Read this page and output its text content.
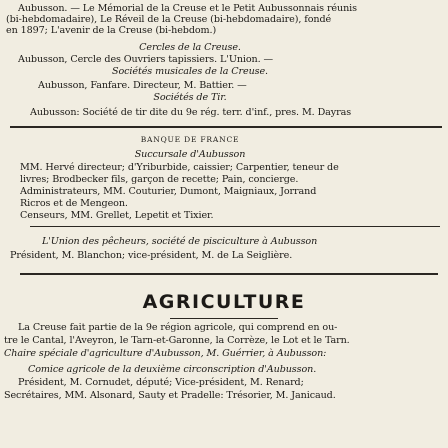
Aubusson. — Le Mémorial de la Creuse et le Petit Aubussonnais réunis
(bi-hebdomadaire), Le Réveil de la Creuse (bi-hebdomadaire), fondé
en 1897; L'avenir de la Creuse (bi-hebdom.)
Cercles de la Creuse.
Aubusson, Cercle des Ouvriers tapissiers. L'Union. —
Sociétés musicales de la Creuse.
Aubusson, Fanfare. Directeur, M. Battier. —
Sociétés de Tir.
Aubusson: Société de tir dite du 9e rég. terr. d'inf., pres. M. Dayras
BANQUE DE FRANCE
Succursale d'Aubusson
MM. Hervé directeur; d'Yriburbide, caissier; Carpentier, teneur de
livres; Brodbecker fils, garçon de recette; Pain, concierge.
Administrateurs, MM. Couturier, Dumont, Maigniaux, Jorrand
Ricros et de Mengeon.
Censeurs, MM. Grellet, Lepetit et Tixier.
L'Union des pêcheurs, société de pisciculture à Aubusson
Président, M. Blanchon; vice-président, M. de La Seiglière.
AGRICULTURE
La Creuse fait partie de la 9e région agricole, qui comprend en ou-
tre le Cantal, l'Aveyron, le Tarn-et-Garonne, la Corrèze, le Lot et le Tarn.
Chaire spéciale d'agriculture d'Aubusson, M. Guérrier, à Aubusson:
Comice agricole de la deuxième circonscription d'Aubusson.
Président, M. Cornudet, député; Vice-président, M. Renard;
Secrétaires, MM. Alsonard, Sauty et Pradelle: Trésorier, M. Janicaud.
